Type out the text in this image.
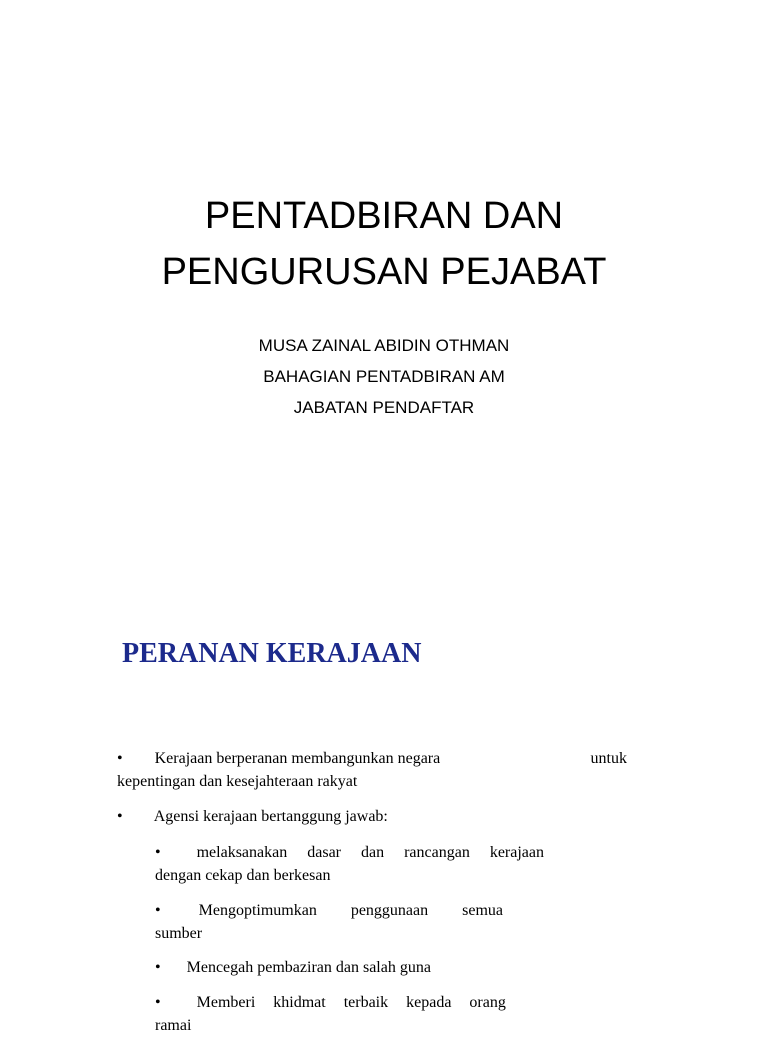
PENTADBIRAN DAN
PENGURUSAN PEJABAT
MUSA ZAINAL ABIDIN OTHMAN
BAHAGIAN PENTADBIRAN AM
JABATAN PENDAFTAR
PERANAN KERAJAAN
• Kerajaan berperanan membangunkan negara	untuk
kepentingan dan kesejahteraan rakyat
• Agensi kerajaan bertanggung jawab:
• melaksanakan dasar dan rancangan kerajaan
dengan cekap dan berkesan
• Mengoptimumkan penggunaan semua
sumber
• Mencegah pembaziran dan salah guna
• Memberi khidmat terbaik kepada orang
ramai
